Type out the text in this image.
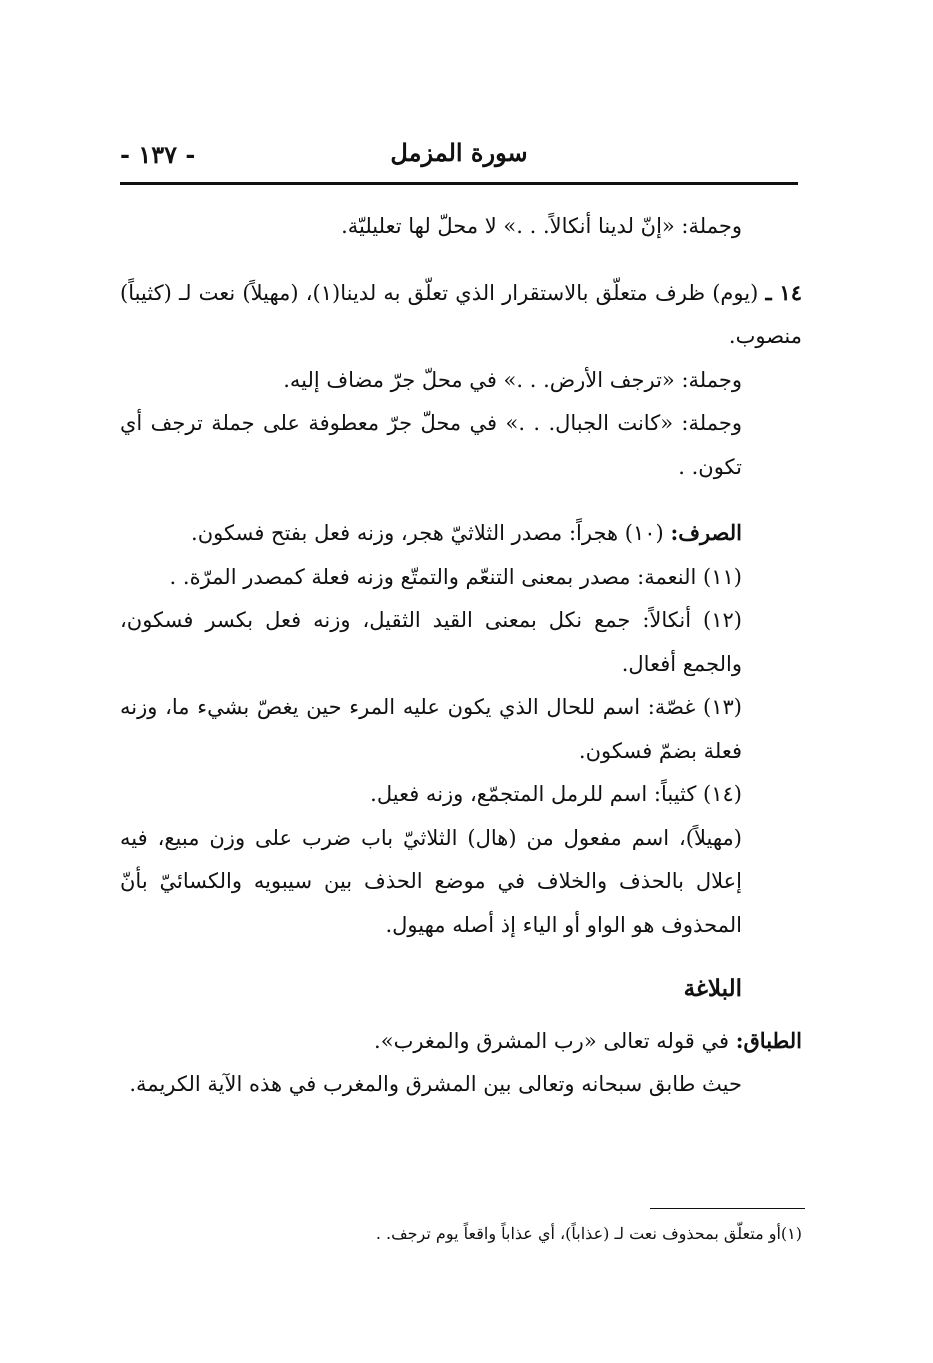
سورة المزمل
- ١٣٧ -

وجملة: «إنّ لدينا أنكالاً. . .» لا محلّ لها تعليليّة.

١٤ ـ (يوم) ظرف متعلّق بالاستقرار الذي تعلّق به لدينا(١)، (مهيلاً) نعت لـ (كثيباً) منصوب.

وجملة: «ترجف الأرض. . .» في محلّ جرّ مضاف إليه.

وجملة: «كانت الجبال. . .» في محلّ جرّ معطوفة على جملة ترجف أي تكون. .

الصرف: (١٠) هجراً: مصدر الثلاثيّ هجر، وزنه فعل بفتح فسكون.

(١١) النعمة: مصدر بمعنى التنعّم والتمتّع وزنه فعلة كمصدر المرّة. .

(١٢) أنكالاً: جمع نكل بمعنى القيد الثقيل، وزنه فعل بكسر فسكون، والجمع أفعال.

(١٣) غصّة: اسم للحال الذي يكون عليه المرء حين يغصّ بشيء ما، وزنه فعلة بضمّ فسكون.

(١٤) كثيباً: اسم للرمل المتجمّع، وزنه فعيل.

(مهيلاً)، اسم مفعول من (هال) الثلاثيّ باب ضرب على وزن مبيع، فيه إعلال بالحذف والخلاف في موضع الحذف بين سيبويه والكسائيّ بأنّ المحذوف هو الواو أو الياء إذ أصله مهيول.

البلاغة

الطباق: في قوله تعالى «رب المشرق والمغرب».

حيث طابق سبحانه وتعالى بين المشرق والمغرب في هذه الآية الكريمة.

(١)أو متعلّق بمحذوف نعت لـ (عذاباً)، أي عذاباً واقعاً يوم ترجف. .
